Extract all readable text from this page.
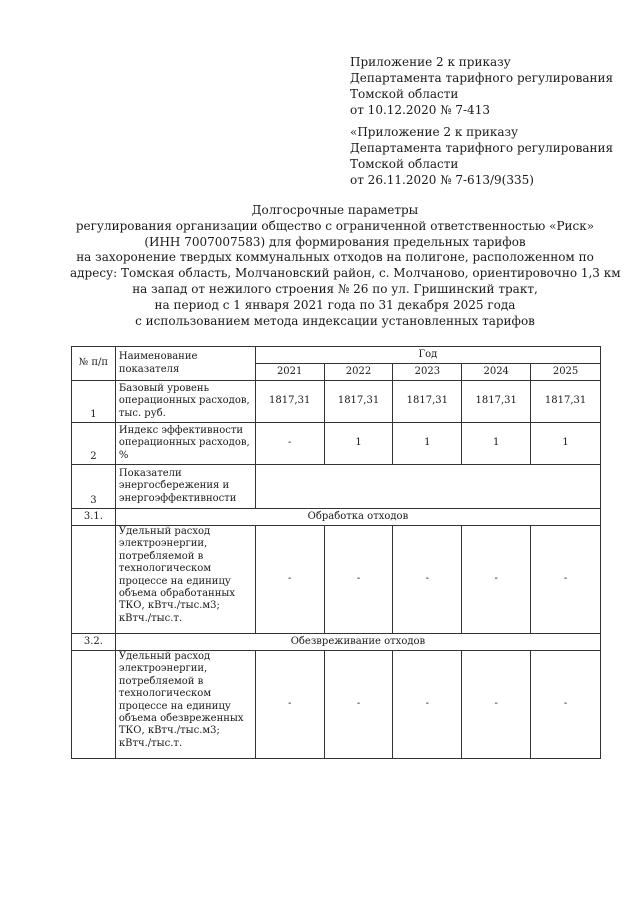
Приложение 2 к приказу
Департамента тарифного регулирования
Томской области
от 10.12.2020 № 7-413
«Приложение 2 к приказу
Департамента тарифного регулирования
Томской области
от 26.11.2020 № 7-613/9(335)
Долгосрочные параметры
регулирования организации общество с ограниченной ответственностью «Риск»
(ИНН 7007007583) для формирования предельных тарифов
на захоронение твердых коммунальных отходов на полигоне, расположенном по
адресу: Томская область, Молчановский район, с. Молчаново, ориентировочно 1,3 км
на запад от нежилого строения № 26 по ул. Гришинский тракт,
на период с 1 января 2021 года по 31 декабря 2025 года
с использованием метода индексации установленных тарифов
№ п/п	Наименование показателя	Год				
		2021	2022	2023	2024	2025
1	Базовый уровень операционных расходов, тыс. руб.	1817,31	1817,31	1817,31	1817,31	1817,31
2	Индекс эффективности операционных расходов, %	-	1	1	1	1
3	Показатели энергосбережения и энергоэффективности					
3.1.	Обработка отходов					
	Удельный расход электроэнергии, потребляемой в технологическом процессе на единицу объема обработанных ТКО, кВтч./тыс.м3; кВтч./тыс.т.	-	-	-	-	-
3.2.	Обезвреживание отходов					
	Удельный расход электроэнергии, потребляемой в технологическом процессе на единицу объема обезвреженных ТКО, кВтч./тыс.м3; кВтч./тыс.т.	-	-	-	-	-
